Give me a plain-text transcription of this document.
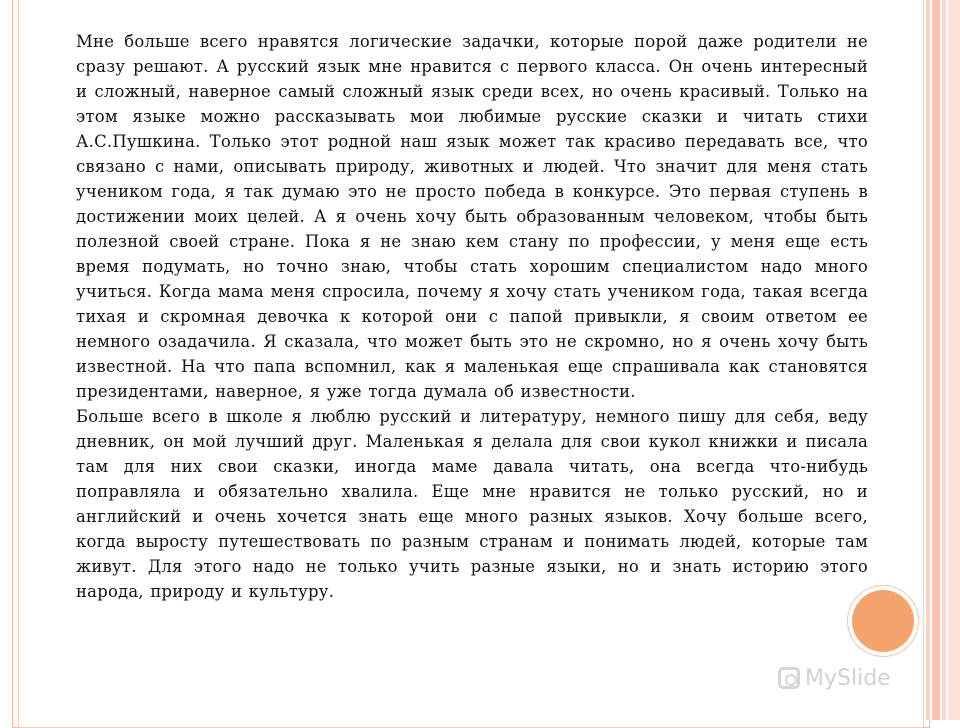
Мне больше всего нравятся логические задачки, которые порой даже родители не сразу решают. А русский язык мне нравится с первого класса. Он очень интересный и сложный, наверное самый сложный язык среди всех, но очень красивый. Только на этом языке можно рассказывать мои любимые русские сказки и читать стихи А.С.Пушкина. Только этот родной наш язык может так красиво передавать все, что связано с нами, описывать природу, животных и людей. Что значит для меня стать учеником года, я так думаю это не просто победа в конкурсе. Это первая ступень в достижении моих целей. А я очень хочу быть образованным человеком, чтобы быть полезной своей стране. Пока я не знаю кем стану по профессии, у меня еще есть время подумать, но точно знаю, чтобы стать хорошим специалистом надо много учиться. Когда мама меня спросила, почему я хочу стать учеником года, такая всегда тихая и скромная девочка к которой они с папой привыкли, я своим ответом ее немного озадачила. Я сказала, что может быть это не скромно, но я очень хочу быть известной. На что папа вспомнил, как я маленькая еще спрашивала как становятся президентами, наверное, я уже тогда думала об известности.

Больше всего в школе я люблю русский и литературу, немного пишу для себя, веду дневник, он мой лучший друг. Маленькая я делала для свои кукол книжки и писала там для них свои сказки, иногда маме давала читать, она всегда что-нибудь поправляла и обязательно хвалила. Еще мне нравится не только русский, но и английский и очень хочется знать еще много разных языков. Хочу больше всего, когда выросту путешествовать по разным странам и понимать людей, которые там живут. Для этого надо не только учить разные языки, но и знать историю этого народа, природу и культуру.

MySlide
